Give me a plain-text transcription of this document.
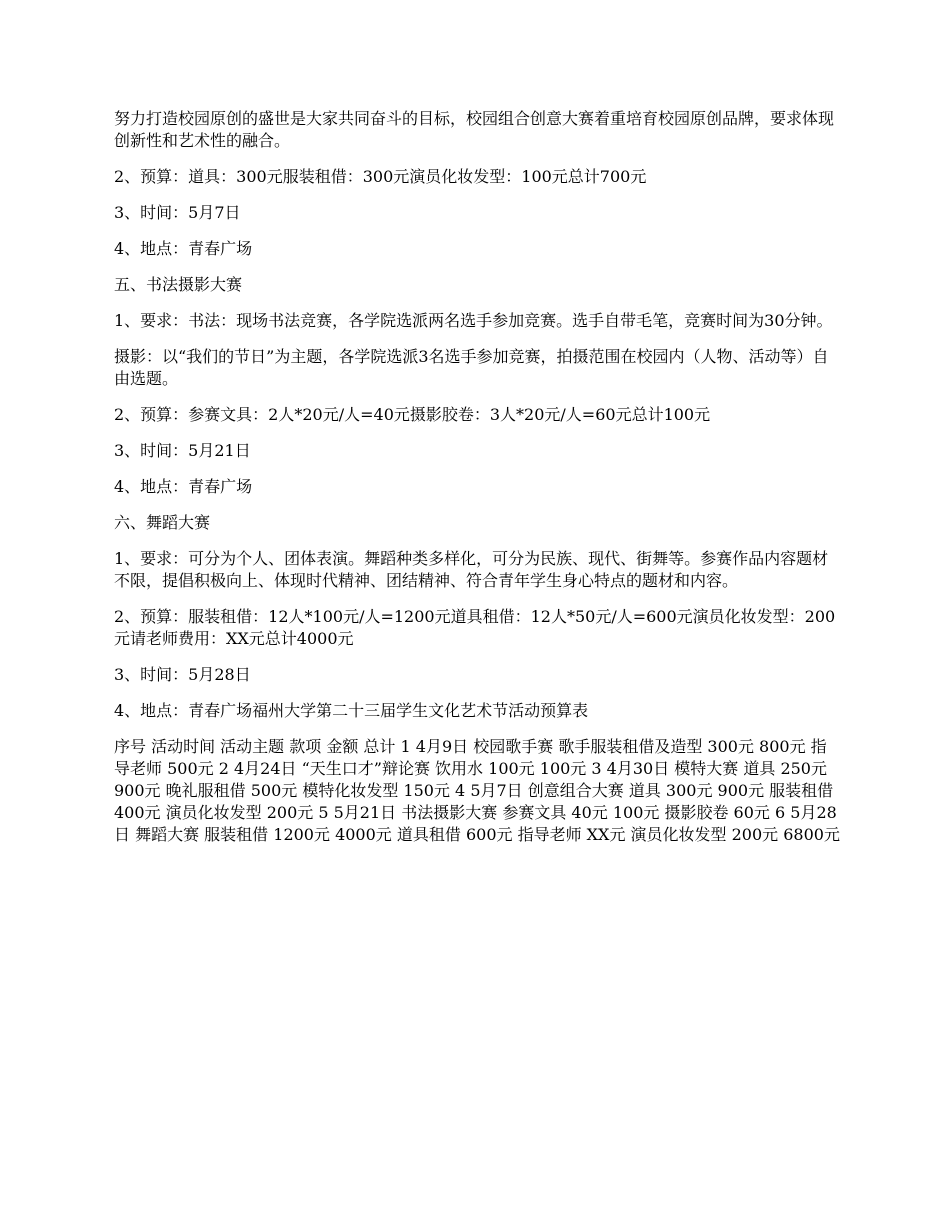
努力打造校园原创的盛世是大家共同奋斗的目标，校园组合创意大赛着重培育校园原创品牌，要求体现创新性和艺术性的融合。

2、预算：道具：300元服装租借：300元演员化妆发型：100元总计700元

3、时间：5月7日

4、地点：青春广场

五、书法摄影大赛

1、要求：书法：现场书法竞赛，各学院选派两名选手参加竞赛。选手自带毛笔，竞赛时间为30分钟。

摄影：以“我们的节日”为主题，各学院选派3名选手参加竞赛，拍摄范围在校园内（人物、活动等）自由选题。

2、预算：参赛文具：2人*20元/人=40元摄影胶卷：3人*20元/人=60元总计100元

3、时间：5月21日

4、地点：青春广场

六、舞蹈大赛

1、要求：可分为个人、团体表演。舞蹈种类多样化，可分为民族、现代、街舞等。参赛作品内容题材不限，提倡积极向上、体现时代精神、团结精神、符合青年学生身心特点的题材和内容。

2、预算：服装租借：12人*100元/人=1200元道具租借：12人*50元/人=600元演员化妆发型：200元请老师费用：XX元总计4000元

3、时间：5月28日

4、地点：青春广场福州大学第二十三届学生文化艺术节活动预算表

序号 活动时间 活动主题 款项 金额 总计 1 4月9日 校园歌手赛 歌手服装租借及造型 300元 800元 指导老师 500元 2 4月24日 “天生口才”辩论赛 饮用水 100元 100元 3 4月30日 模特大赛 道具 250元 900元 晚礼服租借 500元 模特化妆发型 150元 4 5月7日 创意组合大赛 道具 300元 900元 服装租借 400元 演员化妆发型 200元 5 5月21日 书法摄影大赛 参赛文具 40元 100元 摄影胶卷 60元 6 5月28日 舞蹈大赛 服装租借 1200元 4000元 道具租借 600元 指导老师 XX元 演员化妆发型 200元 6800元
